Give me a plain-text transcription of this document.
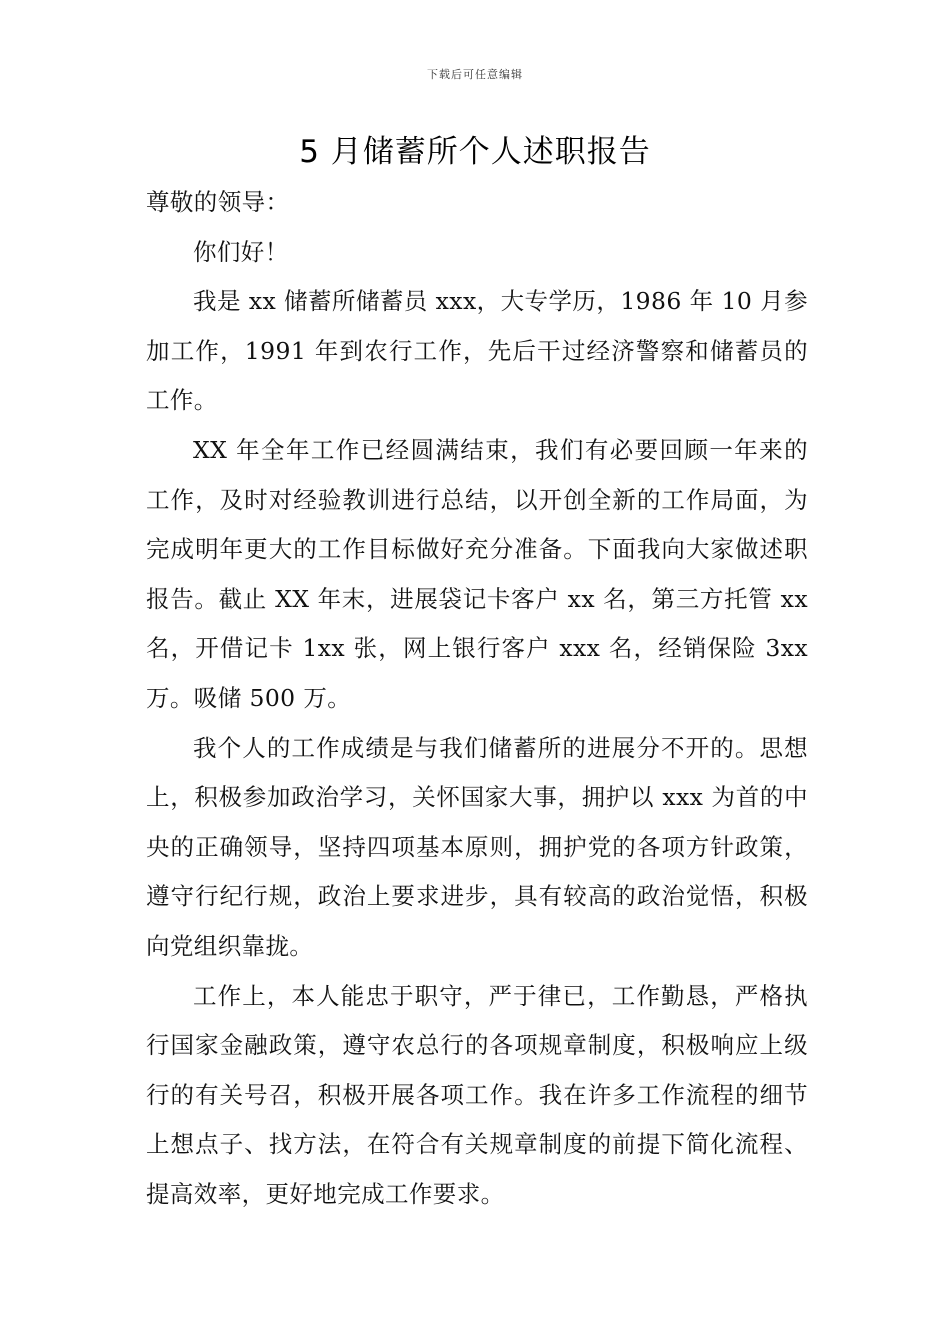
下载后可任意编辑
5 月储蓄所个人述职报告

尊敬的领导：

你们好！

我是 xx 储蓄所储蓄员 xxx，大专学历，1986 年 10 月参加工作，1991 年到农行工作，先后干过经济警察和储蓄员的工作。

XX 年全年工作已经圆满结束，我们有必要回顾一年来的工作，及时对经验教训进行总结，以开创全新的工作局面，为完成明年更大的工作目标做好充分准备。下面我向大家做述职报告。截止 XX 年末，进展袋记卡客户 xx 名，第三方托管 xx 名，开借记卡 1xx 张，网上银行客户 xxx 名，经销保险 3xx 万。吸储 500 万。

我个人的工作成绩是与我们储蓄所的进展分不开的。思想上，积极参加政治学习，关怀国家大事，拥护以 xxx 为首的中央的正确领导，坚持四项基本原则，拥护党的各项方针政策，遵守行纪行规，政治上要求进步，具有较高的政治觉悟，积极向党组织靠拢。

工作上，本人能忠于职守，严于律已，工作勤恳，严格执行国家金融政策，遵守农总行的各项规章制度，积极响应上级行的有关号召，积极开展各项工作。我在许多工作流程的细节上想点子、找方法，在符合有关规章制度的前提下简化流程、提高效率，更好地完成工作要求。
